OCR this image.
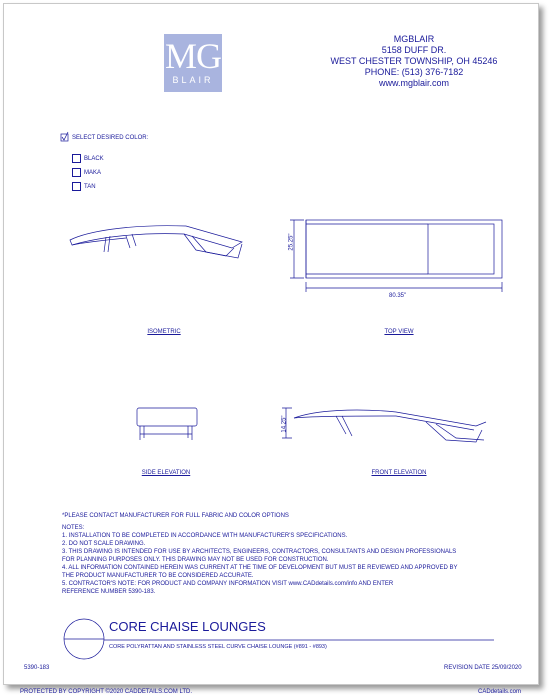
MG
BLAIR
MGBLAIR
5158 DUFF DR.
WEST CHESTER TOWNSHIP, OH 45246
PHONE: (513) 376-7182
www.mgblair.com
SELECT DESIRED COLOR:
BLACK
MAKA
TAN
ISOMETRIC
25.25"
80.35"
TOP VIEW
SIDE ELEVATION
14.25"
FRONT ELEVATION
*PLEASE CONTACT MANUFACTURER FOR FULL FABRIC AND COLOR OPTIONS
NOTES:
1. INSTALLATION TO BE COMPLETED IN ACCORDANCE WITH MANUFACTURER'S SPECIFICATIONS.
2. DO NOT SCALE DRAWING.
3. THIS DRAWING IS INTENDED FOR USE BY ARCHITECTS, ENGINEERS, CONTRACTORS, CONSULTANTS AND DESIGN PROFESSIONALS
FOR PLANNING PURPOSES ONLY. THIS DRAWING MAY NOT BE USED FOR CONSTRUCTION.
4. ALL INFORMATION CONTAINED HEREIN WAS CURRENT AT THE TIME OF DEVELOPMENT BUT MUST BE REVIEWED AND APPROVED BY
THE PRODUCT MANUFACTURER TO BE CONSIDERED ACCURATE.
5. CONTRACTOR'S NOTE: FOR PRODUCT AND COMPANY INFORMATION VISIT www.CADdetails.com/info AND ENTER
REFERENCE NUMBER 5390-183.
CORE CHAISE LOUNGES
CORE POLYRATTAN AND STAINLESS STEEL CURVE CHAISE LOUNGE (#891 - #893)
5390-183	REVISION DATE 25/09/2020
PROTECTED BY COPYRIGHT ©2020 CADDETAILS.COM LTD.	CADdetails.com
